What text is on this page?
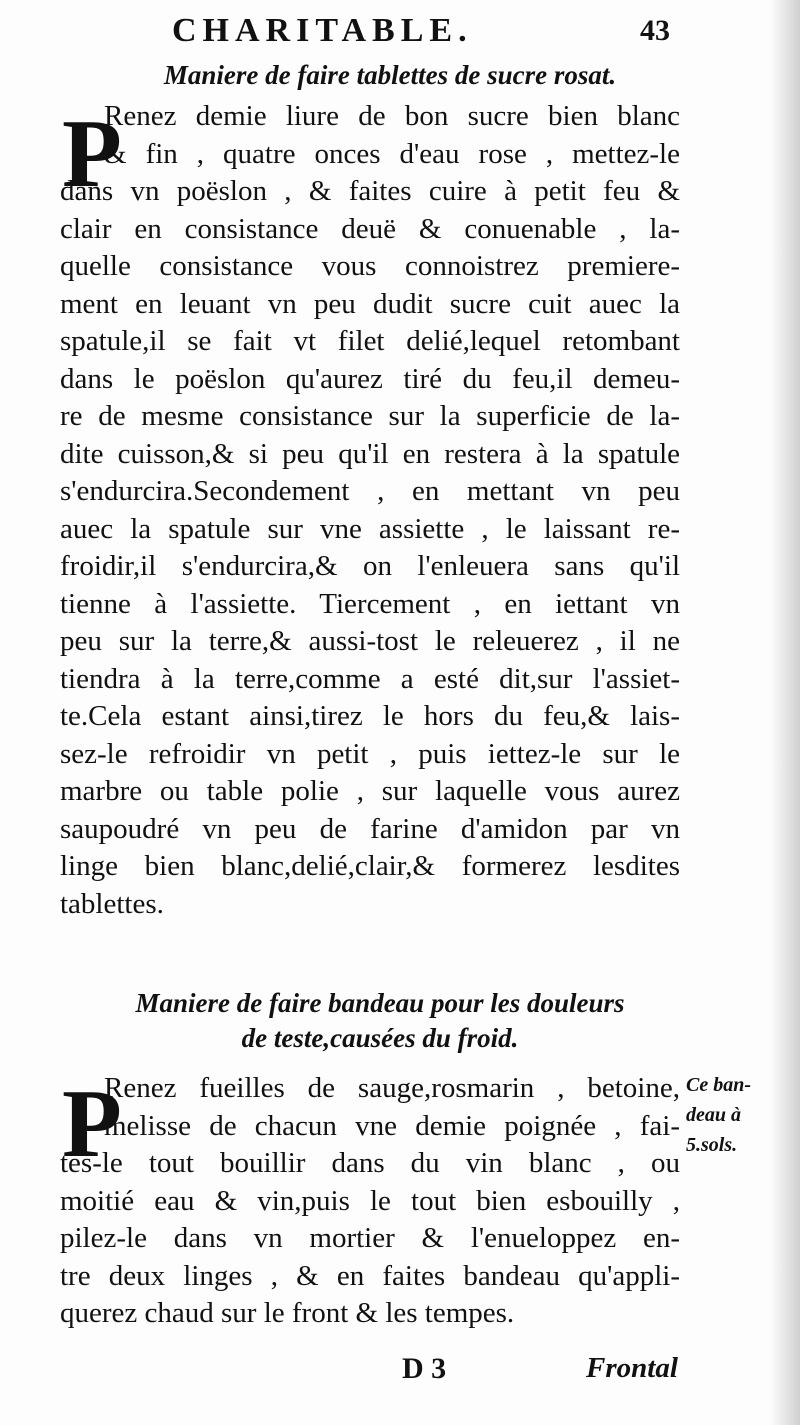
CHARITABLE.	43
Maniere de faire tablettes de sucre rosat.
P
Renez demie liure de bon sucre bien blanc
& fin , quatre onces d'eau rose , mettez-le
dans vn poëslon , & faites cuire à petit feu &
clair en consistance deuë & conuenable , la-
quelle consistance vous connoistrez premiere-
ment en leuant vn peu dudit sucre cuit auec la
spatule,il se fait vt filet delié,lequel retombant
dans le poëslon qu'aurez tiré du feu,il demeu-
re de mesme consistance sur la superficie de la-
dite cuisson,& si peu qu'il en restera à la spatule
s'endurcira.Secondement , en mettant vn peu
auec la spatule sur vne assiette , le laissant re-
froidir,il s'endurcira,& on l'enleuera sans qu'il
tienne à l'assiette. Tiercement , en iettant vn
peu sur la terre,& aussi-tost le releuerez , il ne
tiendra à la terre,comme a esté dit,sur l'assiet-
te.Cela estant ainsi,tirez le hors du feu,& lais-
sez-le refroidir vn petit , puis iettez-le sur le
marbre ou table polie , sur laquelle vous aurez
saupoudré vn peu de farine d'amidon par vn
linge bien blanc,delié,clair,& formerez lesdites
tablettes.
Maniere de faire bandeau pour les douleurs
de teste,causées du froid.
P
Renez fueilles de sauge,rosmarin , betoine,
melisse de chacun vne demie poignée , fai-
tes-le tout bouillir dans du vin blanc , ou
moitié eau & vin,puis le tout bien esbouilly ,
pilez-le dans vn mortier & l'enueloppez en-
tre deux linges , & en faites bandeau qu'appli-
querez chaud sur le front & les tempes.
Ce ban-
deau à
5.sols.
D 3	Frontal
